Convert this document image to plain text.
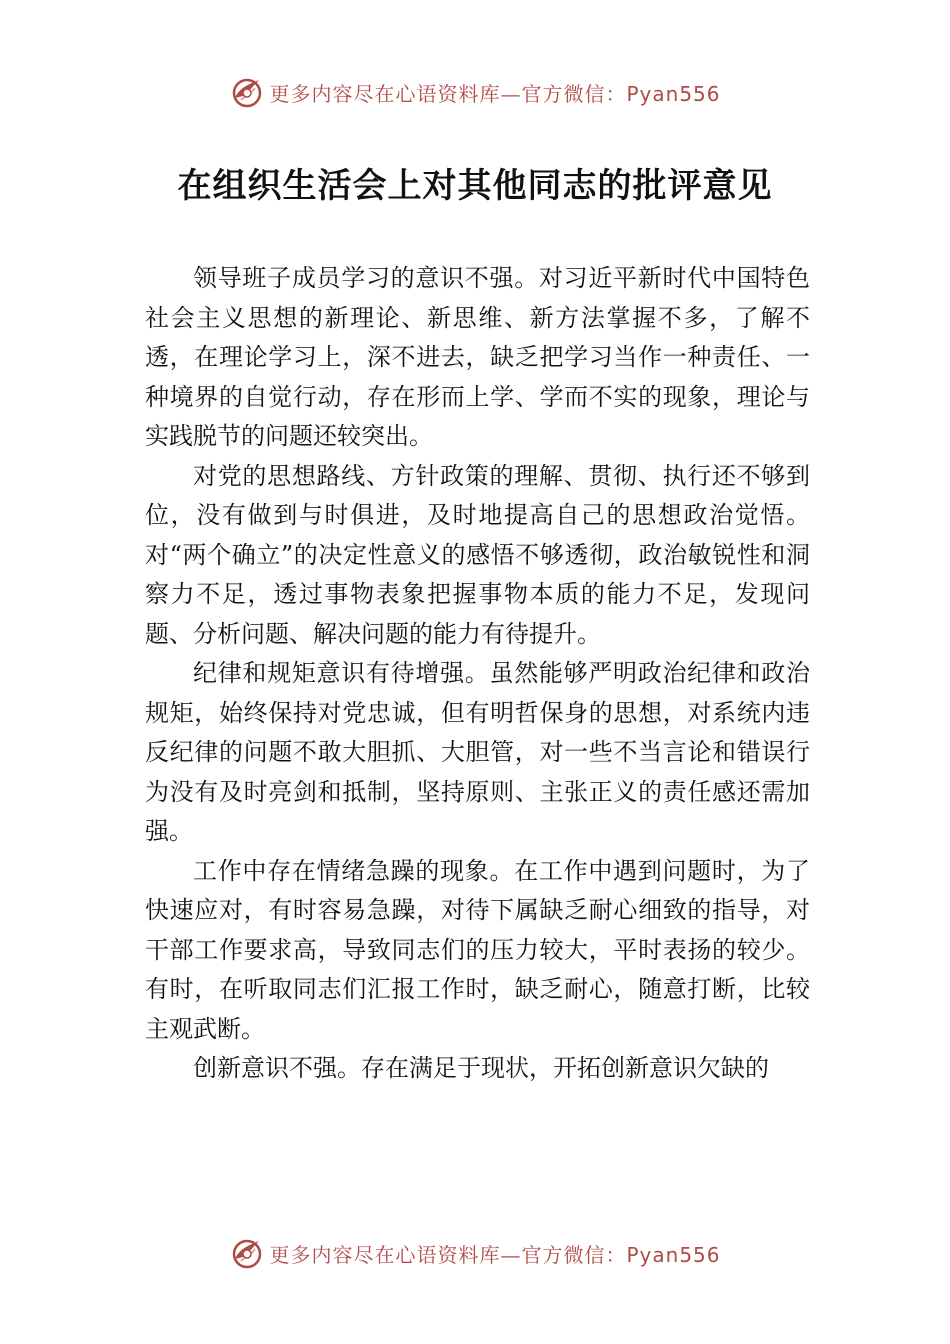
更多内容尽在心语资料库—官方微信：Pyan556
在组织生活会上对其他同志的批评意见

领导班子成员学习的意识不强。对习近平新时代中国特色社会主义思想的新理论、新思维、新方法掌握不多，了解不透，在理论学习上，深不进去，缺乏把学习当作一种责任、一种境界的自觉行动，存在形而上学、学而不实的现象，理论与实践脱节的问题还较突出。

对党的思想路线、方针政策的理解、贯彻、执行还不够到位，没有做到与时俱进，及时地提高自己的思想政治觉悟。对“两个确立”的决定性意义的感悟不够透彻，政治敏锐性和洞察力不足，透过事物表象把握事物本质的能力不足，发现问题、分析问题、解决问题的能力有待提升。

纪律和规矩意识有待增强。虽然能够严明政治纪律和政治规矩，始终保持对党忠诚，但有明哲保身的思想，对系统内违反纪律的问题不敢大胆抓、大胆管，对一些不当言论和错误行为没有及时亮剑和抵制，坚持原则、主张正义的责任感还需加强。

工作中存在情绪急躁的现象。在工作中遇到问题时，为了快速应对，有时容易急躁，对待下属缺乏耐心细致的指导，对干部工作要求高，导致同志们的压力较大，平时表扬的较少。有时，在听取同志们汇报工作时，缺乏耐心，随意打断，比较主观武断。

创新意识不强。存在满足于现状，开拓创新意识欠缺的

更多内容尽在心语资料库—官方微信：Pyan556
